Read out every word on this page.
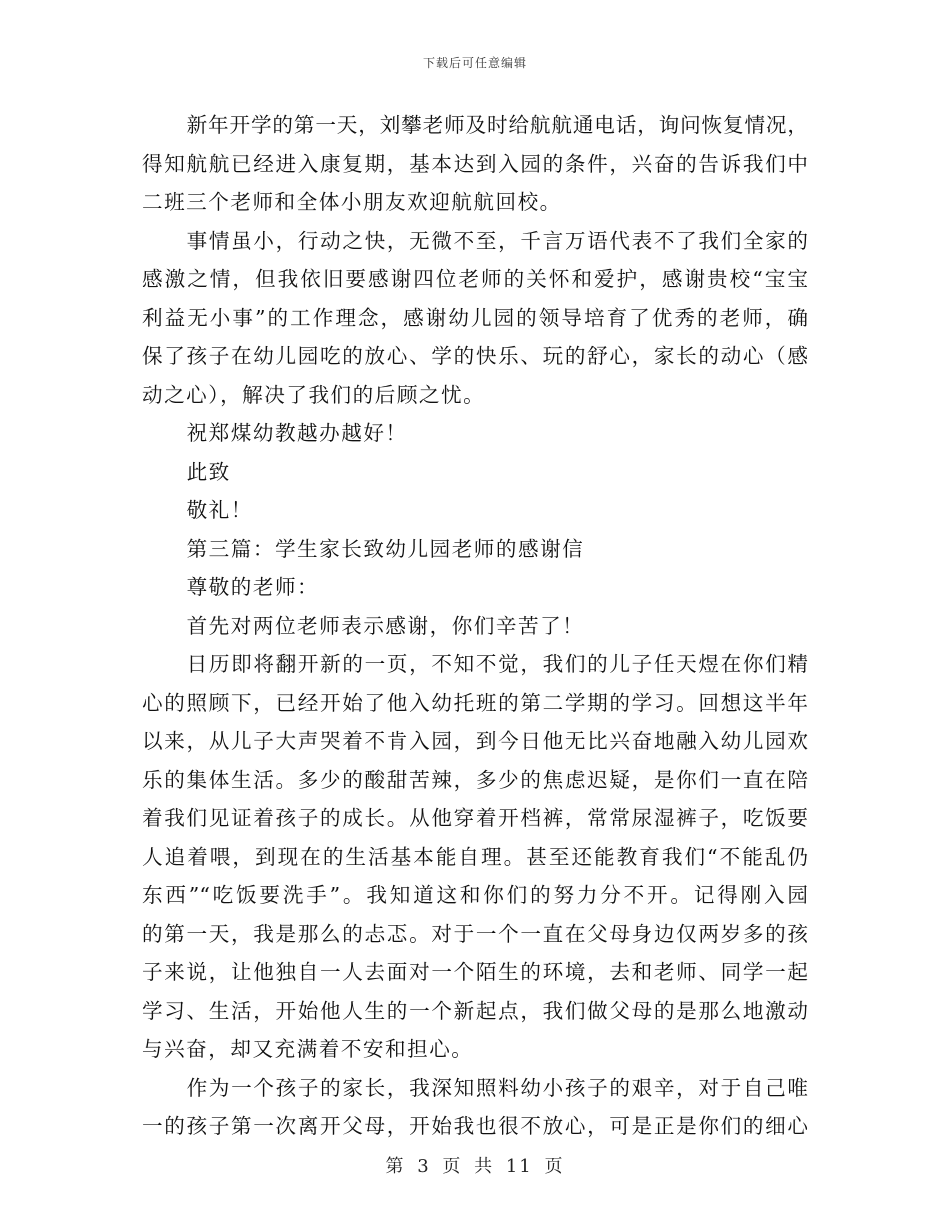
下载后可任意编辑
新年开学的第一天，刘攀老师及时给航航通电话，询问恢复情况，
得知航航已经进入康复期，基本达到入园的条件，兴奋的告诉我们中
二班三个老师和全体小朋友欢迎航航回校。
事情虽小，行动之快，无微不至，千言万语代表不了我们全家的
感激之情，但我依旧要感谢四位老师的关怀和爱护，感谢贵校“宝宝
利益无小事”的工作理念，感谢幼儿园的领导培育了优秀的老师，确
保了孩子在幼儿园吃的放心、学的快乐、玩的舒心，家长的动心（感
动之心），解决了我们的后顾之忧。
祝郑煤幼教越办越好！
此致
敬礼！
第三篇：学生家长致幼儿园老师的感谢信
尊敬的老师：
首先对两位老师表示感谢，你们辛苦了！
日历即将翻开新的一页，不知不觉，我们的儿子任天煜在你们精
心的照顾下，已经开始了他入幼托班的第二学期的学习。回想这半年
以来，从儿子大声哭着不肯入园，到今日他无比兴奋地融入幼儿园欢
乐的集体生活。多少的酸甜苦辣，多少的焦虑迟疑，是你们一直在陪
着我们见证着孩子的成长。从他穿着开档裤，常常尿湿裤子，吃饭要
人追着喂，到现在的生活基本能自理。甚至还能教育我们“不能乱仍
东西”“吃饭要洗手”。我知道这和你们的努力分不开。记得刚入园
的第一天，我是那么的忐忑。对于一个一直在父母身边仅两岁多的孩
子来说，让他独自一人去面对一个陌生的环境，去和老师、同学一起
学习、生活，开始他人生的一个新起点，我们做父母的是那么地激动
与兴奋，却又充满着不安和担心。
作为一个孩子的家长，我深知照料幼小孩子的艰辛，对于自己唯
一的孩子第一次离开父母，开始我也很不放心，可是正是你们的细心
第 3 页 共 11 页
